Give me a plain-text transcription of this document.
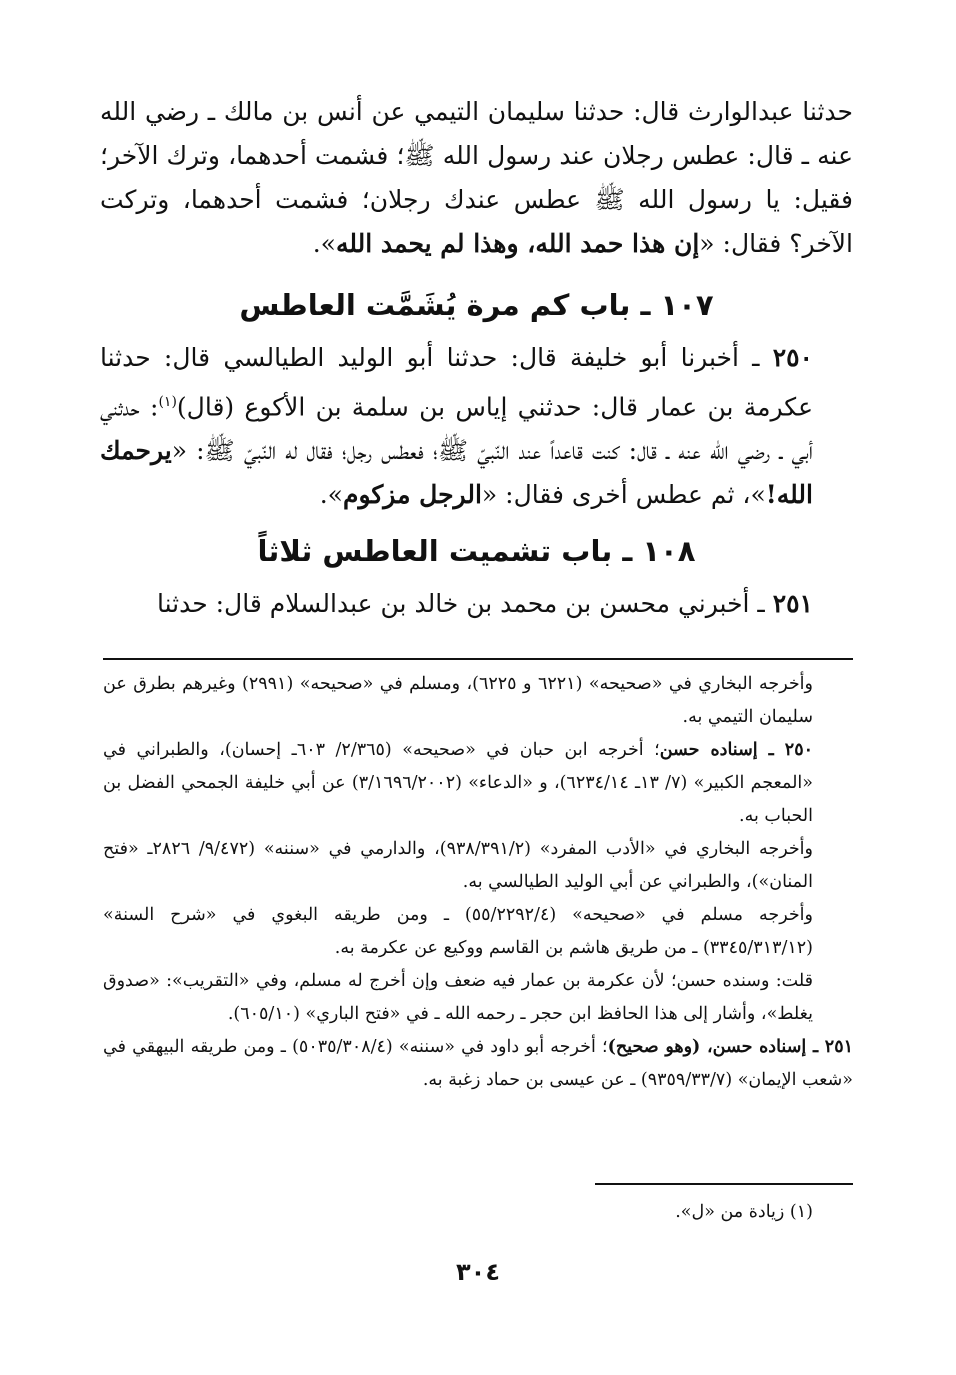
حدثنا عبدالوارث قال: حدثنا سليمان التيمي عن أنس بن مالك ـ رضي الله عنه ـ قال: عطس رجلان عند رسول الله ﷺ؛ فشمت أحدهما، وترك الآخر؛ فقيل: يا رسول الله ﷺ عطس عندك رجلان؛ فشمت أحدهما، وتركت الآخر؟ فقال: «إن هذا حمد الله، وهذا لم يحمد الله».

١٠٧ ـ باب كم مرة يُشَمَّت العاطس

٢٥٠ ـ أخبرنا أبو خليفة قال: حدثنا أبو الوليد الطيالسي قال: حدثنا عكرمة بن عمار قال: حدثني إياس بن سلمة بن الأكوع (قال)$^{(١)}$: حدثني أبي ـ رضي الله عنه ـ قال: كنت قاعداً عند النّبيّ ﷺ؛ فعطس رجل؛ فقال له النّبيّ ﷺ: «يرحمك الله!»، ثم عطس أخرى فقال: «الرجل مزكوم».

١٠٨ ـ باب تشميت العاطس ثلاثاً

٢٥١ ـ أخبرني محسن بن محمد بن خالد بن عبدالسلام قال: حدثنا

وأخرجه البخاري في «صحيحه» (٦٢٢١ و ٦٢٢٥)، ومسلم في «صحيحه» (٢٩٩١) وغيرهم بطرق عن سليمان التيمي به.

٢٥٠ ـ إسناده حسن؛ أخرجه ابن حبان في «صحيحه» (٢/٣٦٥/ ٦٠٣ـ إحسان)، والطبراني في «المعجم الكبير» (٧/ ١٣ـ ٦٢٣٤/١٤)، و «الدعاء» (٣/١٦٩٦/٢٠٠٢) عن أبي خليفة الجمحي الفضل بن الحباب به.

وأخرجه البخاري في «الأدب المفرد» (٩٣٨/٣٩١/٢)، والدارمي في «سننه» (٩/٤٧٢/ ٢٨٢٦ـ «فتح المنان»)، والطبراني عن أبي الوليد الطيالسي به.

وأخرجه مسلم في «صحيحه» (٥٥/٢٢٩٢/٤) ـ ومن طريقه البغوي في «شرح السنة» (٣٣٤٥/٣١٣/١٢) ـ من طريق هاشم بن القاسم ووكيع عن عكرمة به.

قلت: وسنده حسن؛ لأن عكرمة بن عمار فيه ضعف وإن أخرج له مسلم، وفي «التقريب»: «صدوق يغلط»، وأشار إلى هذا الحافظ ابن حجر ـ رحمه الله ـ في «فتح الباري» (٦٠٥/١٠).

٢٥١ ـ إسناده حسن، (وهو صحيح)؛ أخرجه أبو داود في «سننه» (٥٠٣٥/٣٠٨/٤) ـ ومن طريقه البيهقي في «شعب الإيمان» (٩٣٥٩/٣٣/٧) ـ عن عيسى بن حماد زغبة به.

(١) زيادة من «ل».

٣٠٤
